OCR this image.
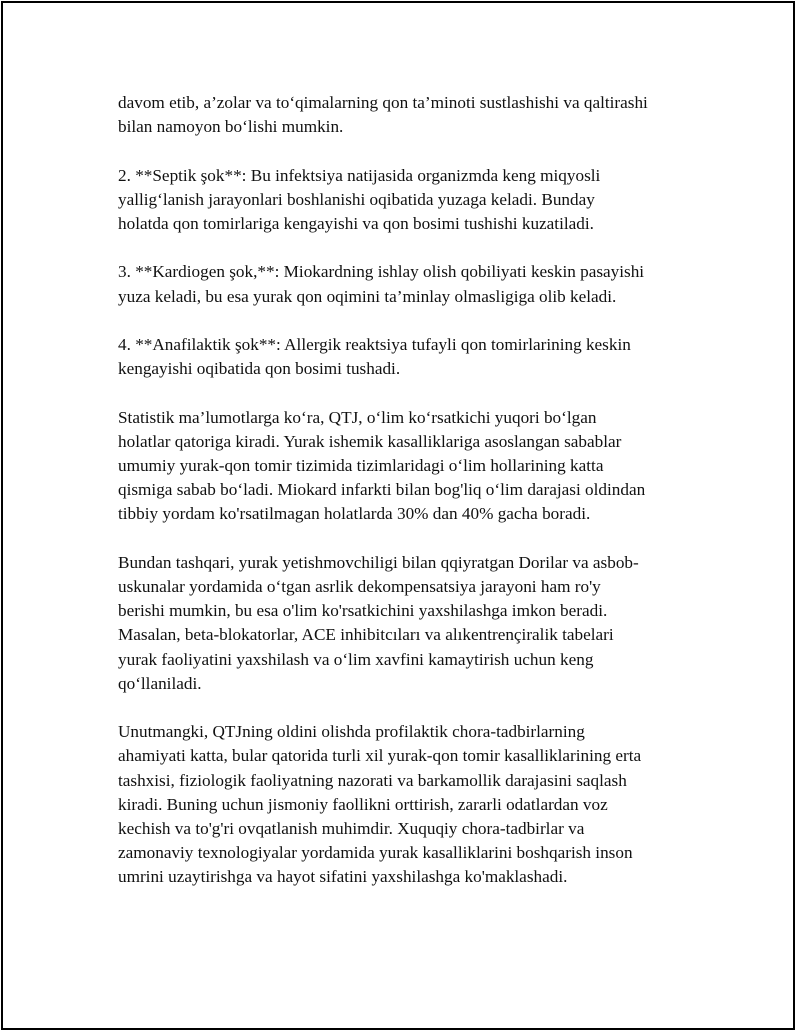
davom etib, a’zolar va to‘qimalarning qon ta’minoti sustlashishi va qaltirashi
bilan namoyon bo‘lishi mumkin.

2. **Septik şok**: Bu infektsiya natijasida organizmda keng miqyosli
yallig‘lanish jarayonlari boshlanishi oqibatida yuzaga keladi. Bunday
holatda qon tomirlariga kengayishi va qon bosimi tushishi kuzatiladi.

3. **Kardiogen şok,**: Miokardning ishlay olish qobiliyati keskin pasayishi
yuza keladi, bu esa yurak qon oqimini ta’minlay olmasligiga olib keladi.

4. **Anafilaktik şok**: Allergik reaktsiya tufayli qon tomirlarining keskin
kengayishi oqibatida qon bosimi tushadi.

Statistik ma’lumotlarga ko‘ra, QTJ, o‘lim ko‘rsatkichi yuqori bo‘lgan
holatlar qatoriga kiradi. Yurak ishemik kasalliklariga asoslangan sabablar
umumiy yurak-qon tomir tizimida tizimlaridagi o‘lim hollarining katta
qismiga sabab bo‘ladi. Miokard infarkti bilan bog'liq o‘lim darajasi oldindan
tibbiy yordam ko'rsatilmagan holatlarda 30% dan 40% gacha boradi.

Bundan tashqari, yurak yetishmovchiligi bilan qqiyratgan Dorilar va asbob-
uskunalar yordamida o‘tgan asrlik dekompensatsiya jarayoni ham ro'y
berishi mumkin, bu esa o'lim ko'rsatkichini yaxshilashga imkon beradi.
Masalan, beta-blokatorlar, ACE inhibitcıları va alıkentrençiralik tabelari
yurak faoliyatini yaxshilash va o‘lim xavfini kamaytirish uchun keng
qo‘llaniladi.

Unutmangki, QTJning oldini olishda profilaktik chora-tadbirlarning
ahamiyati katta, bular qatorida turli xil yurak-qon tomir kasalliklarining erta
tashxisi, fiziologik faoliyatning nazorati va barkamollik darajasini saqlash
kiradi. Buning uchun jismoniy faollikni orttirish, zararli odatlardan voz
kechish va to'g'ri ovqatlanish muhimdir. Xuquqiy chora-tadbirlar va
zamonaviy texnologiyalar yordamida yurak kasalliklarini boshqarish inson
umrini uzaytirishga va hayot sifatini yaxshilashga ko'maklashadi.
